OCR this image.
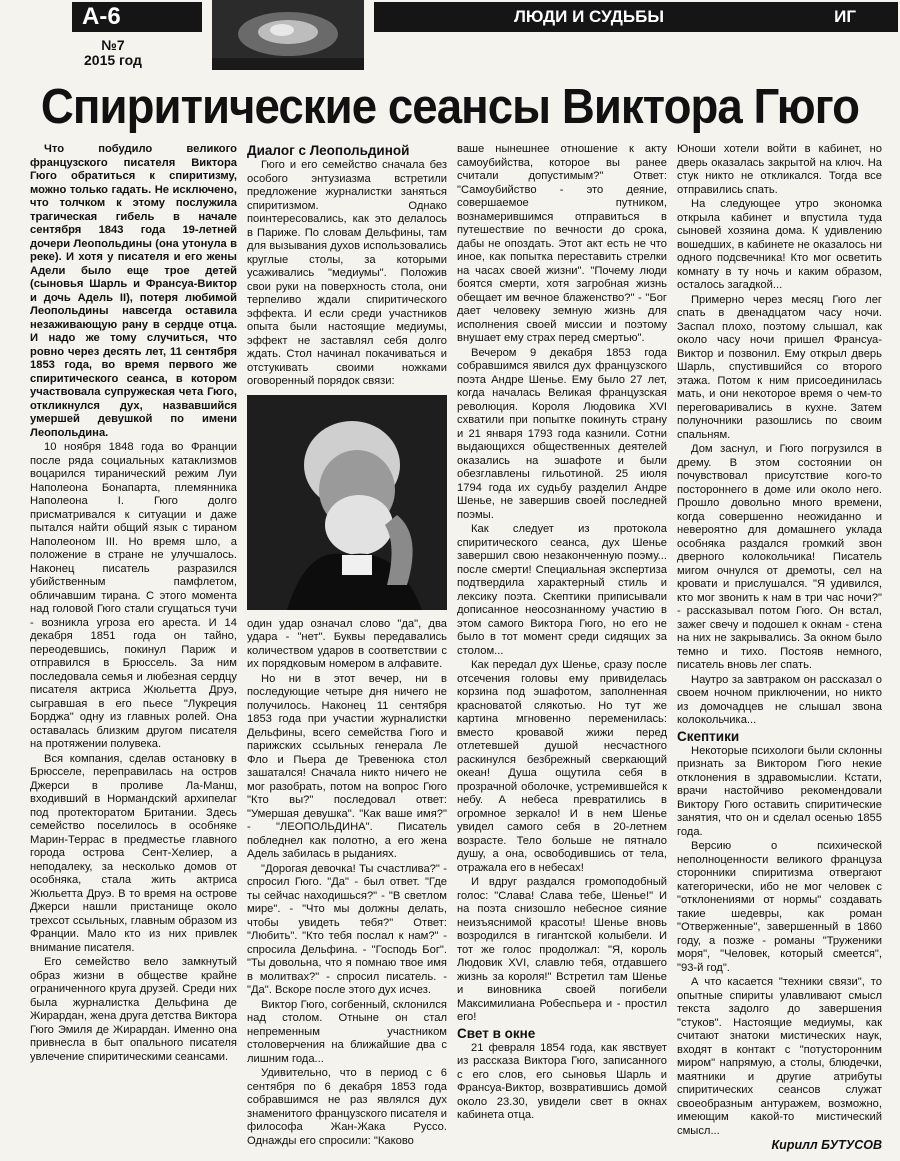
А-6	ЛЮДИ И СУДЬБЫ	ИГ
№7
2015 год
Спиритические сеансы Виктора Гюго

Что побудило великого французского писателя Виктора Гюго обратиться к спиритизму, можно только гадать. Не исключено, что толчком к этому послужила трагическая гибель в начале сентября 1843 года 19-летней дочери Леопольдины (она утонула в реке). И хотя у писателя и его жены Адели было еще трое детей (сыновья Шарль и Франсуа-Виктор и дочь Адель II), потеря любимой Леопольдины навсегда оставила незаживающую рану в сердце отца. И надо же тому случиться, что ровно через десять лет, 11 сентября 1853 года, во время первого же спиритического сеанса, в котором участвовала супружеская чета Гюго, откликнулся дух, назвавшийся умершей девушкой по имени Леопольдина.

10 ноября 1848 года во Франции после ряда социальных катаклизмов воцарился тиранический режим Луи Наполеона Бонапарта, племянника Наполеона I. Гюго долго присматривался к ситуации и даже пытался найти общий язык с тираном Наполеоном III. Но время шло, а положение в стране не улучшалось. Наконец писатель разразился убийственным памфлетом, обличавшим тирана. С этого момента над головой Гюго стали сгущаться тучи - возникла угроза его ареста. И 14 декабря 1851 года он тайно, переодевшись, покинул Париж и отправился в Брюссель. За ним последовала семья и любезная сердцу писателя актриса Жюльетта Друэ, сыгравшая в его пьесе "Лукреция Борджа" одну из главных ролей. Она оставалась близким другом писателя на протяжении полувека.

Вся компания, сделав остановку в Брюсселе, переправилась на остров Джерси в проливе Ла-Манш, входивший в Нормандский архипелаг под протекторатом Британии. Здесь семейство поселилось в особняке Марин-Террас в предместье главного города острова Сент-Хелиер, а неподалеку, за несколько домов от особняка, стала жить актриса Жюльетта Друэ. В то время на острове Джерси нашли пристанище около трехсот ссыльных, главным образом из Франции. Мало кто из них привлек внимание писателя.

Его семейство вело замкнутый образ жизни в обществе крайне ограниченного круга друзей. Среди них была журналистка Дельфина де Жирардан, жена друга детства Виктора Гюго Эмиля де Жирардан. Именно она привнесла в быт опального писателя увлечение спиритическими сеансами.

Диалог с Леопольдиной

Гюго и его семейство сначала без особого энтузиазма встретили предложение журналистки заняться спиритизмом. Однако поинтересовались, как это делалось в Париже. По словам Дельфины, там для вызывания духов использовались круглые столы, за которыми усаживались "медиумы". Положив свои руки на поверхность стола, они терпеливо ждали спиритического эффекта. И если среди участников опыта были настоящие медиумы, эффект не заставлял себя долго ждать. Стол начинал покачиваться и отстукивать своими ножками оговоренный порядок связи:

один удар означал слово "да", два удара - "нет". Буквы передавались количеством ударов в соответствии с их порядковым номером в алфавите.

Но ни в этот вечер, ни в последующие четыре дня ничего не получилось. Наконец 11 сентября 1853 года при участии журналистки Дельфины, всего семейства Гюго и парижских ссыльных генерала Ле Фло и Пьера де Тревенюка стол зашатался! Сначала никто ничего не мог разобрать, потом на вопрос Гюго "Кто вы?" последовал ответ: "Умершая девушка". "Как ваше имя?" - "ЛЕОПОЛЬДИНА". Писатель побледнел как полотно, а его жена Адель забилась в рыданиях.

"Дорогая девочка! Ты счастлива?" - спросил Гюго. "Да" - был ответ. "Где ты сейчас находишься?" - "В светлом мире". - "Что мы должны делать, чтобы увидеть тебя?" Ответ: "Любить". "Кто тебя послал к нам?" - спросила Дельфина. - "Господь Бог". "Ты довольна, что я помнаю твое имя в молитвах?" - спросил писатель. - "Да". Вскоре после этого дух исчез.

Виктор Гюго, согбенный, склонился над столом. Отныне он стал непременным участником столоверчения на ближайшие два с лишним года...

Удивительно, что в период с 6 сентября по 6 декабря 1853 года собравшимся не раз являлся дух знаменитого французского писателя и философа Жан-Жака Руссо. Однажды его спросили: "Каково

ваше нынешнее отношение к акту самоубийства, которое вы ранее считали допустимым?" Ответ: "Самоубийство - это деяние, совершаемое путником, вознамерившимся отправиться в путешествие по вечности до срока, дабы не опоздать. Этот акт есть не что иное, как попытка переставить стрелки на часах своей жизни". "Почему люди боятся смерти, хотя загробная жизнь обещает им вечное блаженство?" - "Бог дает человеку земную жизнь для исполнения своей миссии и поэтому внушает ему страх перед смертью".

Вечером 9 декабря 1853 года собравшимся явился дух французского поэта Андре Шенье. Ему было 27 лет, когда началась Великая французская революция. Короля Людовика XVI схватили при попытке покинуть страну и 21 января 1793 года казнили. Сотни выдающихся общественных деятелей оказались на эшафоте и были обезглавлены гильотиной. 25 июля 1794 года их судьбу разделил Андре Шенье, не завершив своей последней поэмы.

Как следует из протокола спиритического сеанса, дух Шенье завершил свою незаконченную поэму... после смерти! Специальная экспертиза подтвердила характерный стиль и лексику поэта. Скептики приписывали дописанное неосознанному участию в этом самого Виктора Гюго, но его не было в тот момент среди сидящих за столом...

Как передал дух Шенье, сразу после отсечения головы ему привиделась корзина под эшафотом, заполненная красноватой слякотью. Но тут же картина мгновенно переменилась: вместо кровавой жижи перед отлетевшей душой несчастного раскинулся безбрежный сверкающий океан! Душа ощутила себя в прозрачной оболочке, устремившейся к небу. А небеса превратились в огромное зеркало! И в нем Шенье увидел самого себя в 20-летнем возрасте. Тело больше не пятнало душу, а она, освободившись от тела, отражала его в небесах!

И вдруг раздался громоподобный голос: "Слава! Слава тебе, Шенье!" И на поэта снизошло небесное сияние неизъяснимой красоты! Шенье вновь возродился в гигантской колыбели. И тот же голос продолжал: "Я, король Людовик XVI, славлю тебя, отдавшего жизнь за короля!" Встретил там Шенье и виновника своей погибели Максимилиана Робеспьера и - простил его!

Свет в окне

21 февраля 1854 года, как явствует из рассказа Виктора Гюго, записанного с его слов, его сыновья Шарль и Франсуа-Виктор, возвратившись домой около 23.30, увидели свет в окнах кабинета отца.

Юноши хотели войти в кабинет, но дверь оказалась закрытой на ключ. На стук никто не откликался. Тогда все отправились спать.

На следующее утро экономка открыла кабинет и впустила туда сыновей хозяина дома. К удивлению вошедших, в кабинете не оказалось ни одного подсвечника! Кто мог осветить комнату в ту ночь и каким образом, осталось загадкой...

Примерно через месяц Гюго лег спать в двенадцатом часу ночи. Заспал плохо, поэтому слышал, как около часу ночи пришел Франсуа-Виктор и позвонил. Ему открыл дверь Шарль, спустившийся со второго этажа. Потом к ним присоединилась мать, и они некоторое время о чем-то переговаривались в кухне. Затем полуночники разошлись по своим спальням.

Дом заснул, и Гюго погрузился в дрему. В этом состоянии он почувствовал присутствие кого-то постороннего в доме или около него. Прошло довольно много времени, когда совершенно неожиданно и невероятно для домашнего уклада особняка раздался громкий звон дверного колокольчика! Писатель мигом очнулся от дремоты, сел на кровати и прислушался. "Я удивился, кто мог звонить к нам в три час ночи?" - рассказывал потом Гюго. Он встал, зажег свечу и подошел к окнам - стена на них не закрывались. За окном было темно и тихо. Постояв немного, писатель вновь лег спать.

Наутро за завтраком он рассказал о своем ночном приключении, но никто из домочадцев не слышал звона колокольчика...

Скептики

Некоторые психологи были склонны признать за Виктором Гюго некие отклонения в здравомыслии. Кстати, врачи настойчиво рекомендовали Виктору Гюго оставить спиритические занятия, что он и сделал осенью 1855 года.

Версию о психической неполноценности великого француза сторонники спиритизма отвергают категорически, ибо не мог человек с "отклонениями от нормы" создавать такие шедевры, как роман "Отверженные", завершенный в 1860 году, а позже - романы "Труженики моря", "Человек, который смеется", "93-й год".

А что касается "техники связи", то опытные спириты улавливают смысл текста задолго до завершения "стуков". Настоящие медиумы, как считают знатоки мистических наук, входят в контакт с "потусторонним миром" напрямую, а столы, блюдечки, маятники и другие атрибуты спиритических сеансов служат своеобразным антуражем, возможно, имеющим какой-то мистический смысл...

Кирилл БУТУСОВ
